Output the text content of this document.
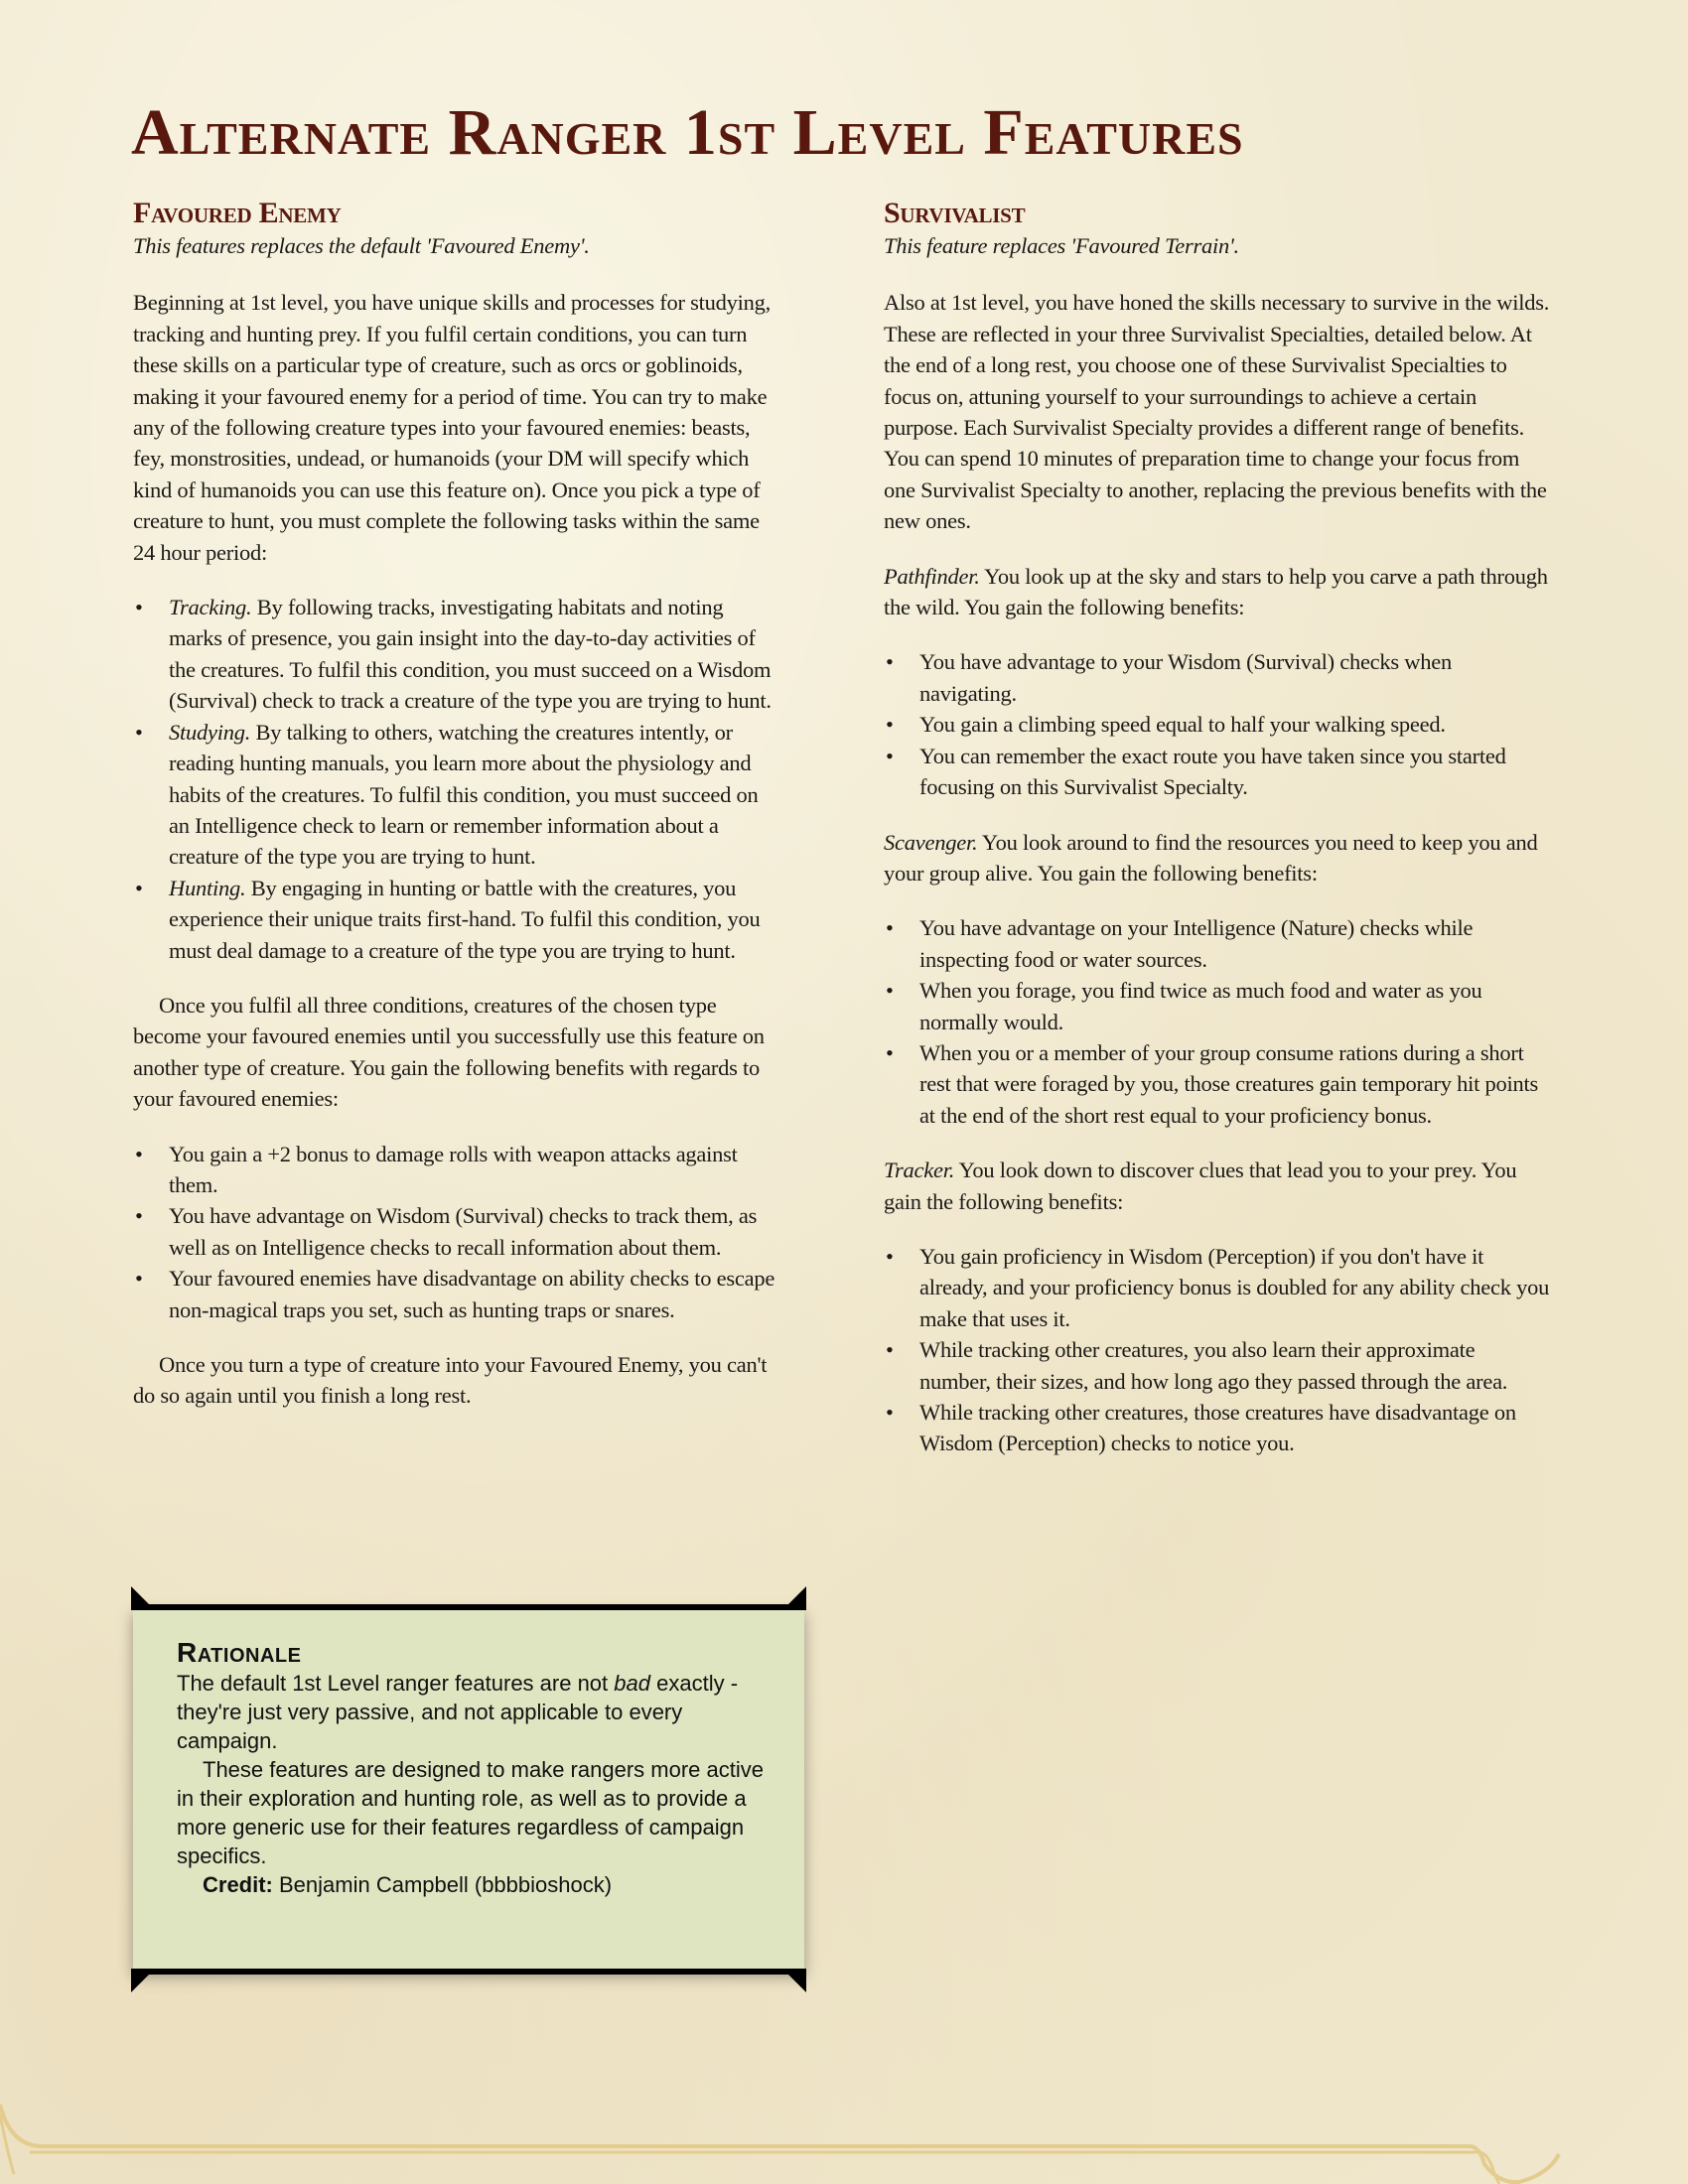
Alternate Ranger 1st Level Features
Favoured Enemy

This features replaces the default 'Favoured Enemy'.

Beginning at 1st level, you have unique skills and processes for studying, tracking and hunting prey. If you fulfil certain conditions, you can turn these skills on a particular type of creature, such as orcs or goblinoids, making it your favoured enemy for a period of time. You can try to make any of the following creature types into your favoured enemies: beasts, fey, monstrosities, undead, or humanoids (your DM will specify which kind of humanoids you can use this feature on). Once you pick a type of creature to hunt, you must complete the following tasks within the same 24 hour period:

• Tracking. By following tracks, investigating habitats and noting marks of presence, you gain insight into the day-to-day activities of the creatures. To fulfil this condition, you must succeed on a Wisdom (Survival) check to track a creature of the type you are trying to hunt.
• Studying. By talking to others, watching the creatures intently, or reading hunting manuals, you learn more about the physiology and habits of the creatures. To fulfil this condition, you must succeed on an Intelligence check to learn or remember information about a creature of the type you are trying to hunt.
• Hunting. By engaging in hunting or battle with the creatures, you experience their unique traits first-hand. To fulfil this condition, you must deal damage to a creature of the type you are trying to hunt.

Once you fulfil all three conditions, creatures of the chosen type become your favoured enemies until you successfully use this feature on another type of creature. You gain the following benefits with regards to your favoured enemies:

• You gain a +2 bonus to damage rolls with weapon attacks against them.
• You have advantage on Wisdom (Survival) checks to track them, as well as on Intelligence checks to recall information about them.
• Your favoured enemies have disadvantage on ability checks to escape non-magical traps you set, such as hunting traps or snares.

Once you turn a type of creature into your Favoured Enemy, you can't do so again until you finish a long rest.

Rationale

The default 1st Level ranger features are not bad exactly - they're just very passive, and not applicable to every campaign.

These features are designed to make rangers more active in their exploration and hunting role, as well as to provide a more generic use for their features regardless of campaign specifics.

Credit: Benjamin Campbell (bbbbioshock)

Survivalist

This feature replaces 'Favoured Terrain'.

Also at 1st level, you have honed the skills necessary to survive in the wilds. These are reflected in your three Survivalist Specialties, detailed below. At the end of a long rest, you choose one of these Survivalist Specialties to focus on, attuning yourself to your surroundings to achieve a certain purpose. Each Survivalist Specialty provides a different range of benefits. You can spend 10 minutes of preparation time to change your focus from one Survivalist Specialty to another, replacing the previous benefits with the new ones.

Pathfinder. You look up at the sky and stars to help you carve a path through the wild. You gain the following benefits:

• You have advantage to your Wisdom (Survival) checks when navigating.
• You gain a climbing speed equal to half your walking speed.
• You can remember the exact route you have taken since you started focusing on this Survivalist Specialty.

Scavenger. You look around to find the resources you need to keep you and your group alive. You gain the following benefits:

• You have advantage on your Intelligence (Nature) checks while inspecting food or water sources.
• When you forage, you find twice as much food and water as you normally would.
• When you or a member of your group consume rations during a short rest that were foraged by you, those creatures gain temporary hit points at the end of the short rest equal to your proficiency bonus.

Tracker. You look down to discover clues that lead you to your prey. You gain the following benefits:

• You gain proficiency in Wisdom (Perception) if you don't have it already, and your proficiency bonus is doubled for any ability check you make that uses it.
• While tracking other creatures, you also learn their approximate number, their sizes, and how long ago they passed through the area.
• While tracking other creatures, those creatures have disadvantage on Wisdom (Perception) checks to notice you.
